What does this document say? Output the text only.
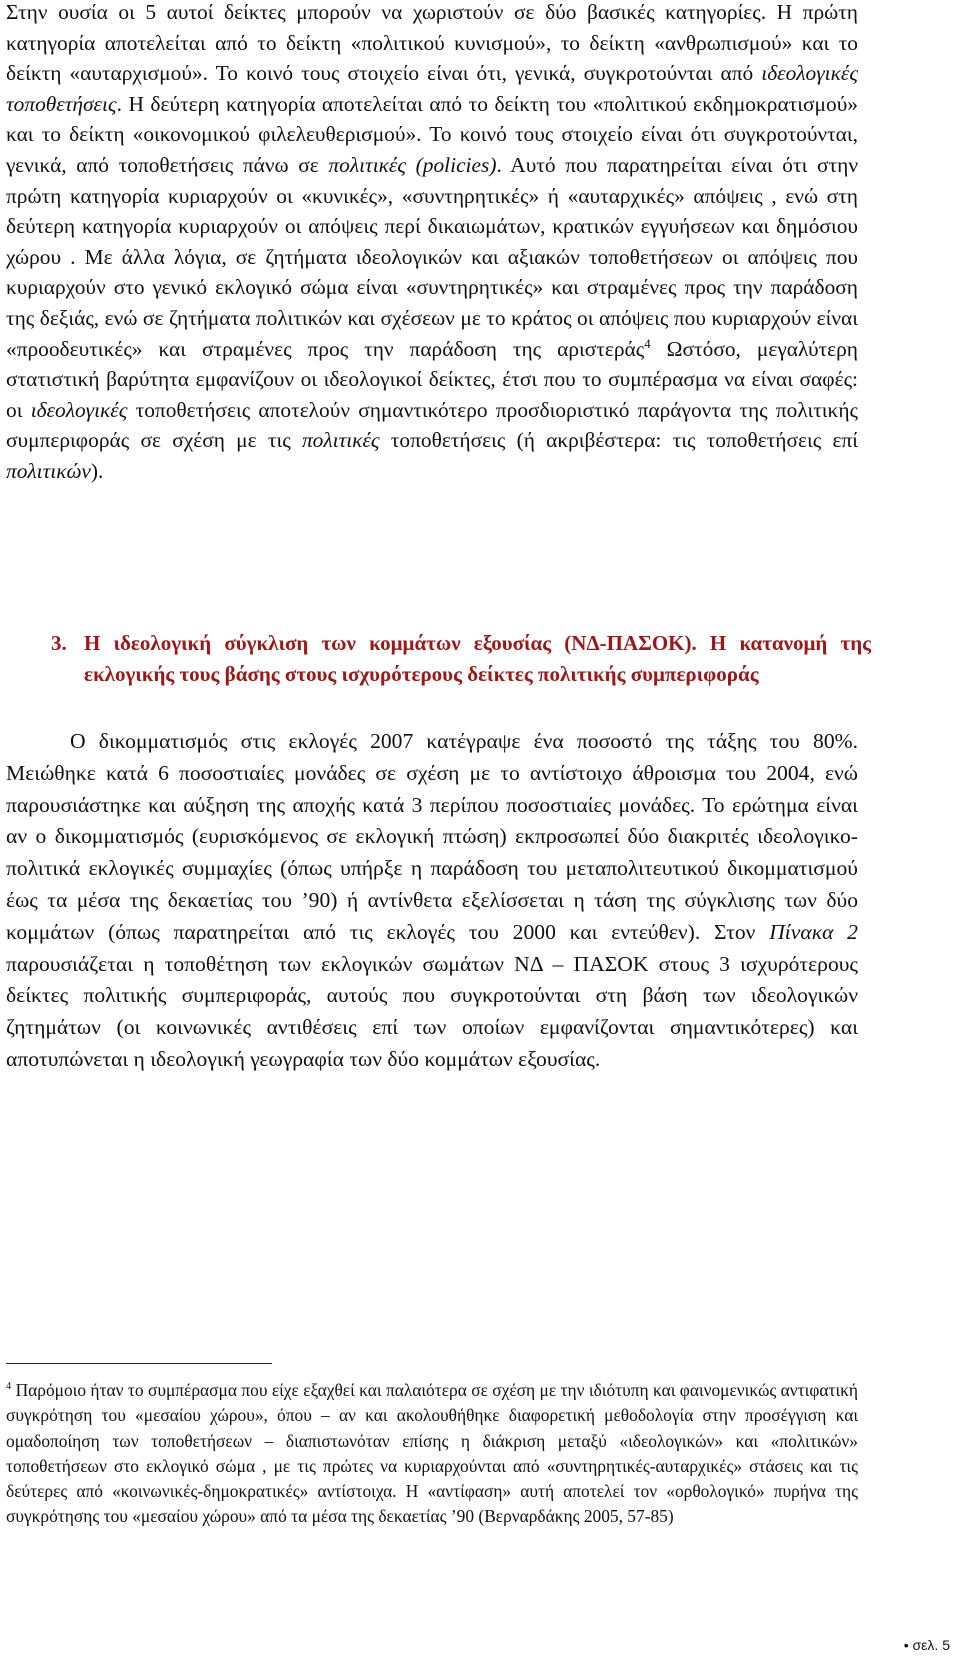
Στην ουσία οι 5 αυτοί δείκτες μπορούν να χωριστούν σε δύο βασικές κατηγορίες. Η πρώτη κατηγορία αποτελείται από το δείκτη «πολιτικού κυνισμού», το δείκτη «ανθρωπισμού» και το δείκτη «αυταρχισμού». Το κοινό τους στοιχείο είναι ότι, γενικά, συγκροτούνται από ιδεολογικές τοποθετήσεις. Η δεύτερη κατηγορία αποτελείται από το δείκτη του «πολιτικού εκδημοκρατισμού» και το δείκτη «οικονομικού φιλελευθερισμού». Το κοινό τους στοιχείο είναι ότι συγκροτούνται, γενικά, από τοποθετήσεις πάνω σε πολιτικές (policies). Αυτό που παρατηρείται είναι ότι στην πρώτη κατηγορία κυριαρχούν οι «κυνικές», «συντηρητικές» ή «αυταρχικές» απόψεις , ενώ στη δεύτερη κατηγορία κυριαρχούν οι απόψεις περί δικαιωμάτων, κρατικών εγγυήσεων και δημόσιου χώρου . Με άλλα λόγια, σε ζητήματα ιδεολογικών και αξιακών τοποθετήσεων οι απόψεις που κυριαρχούν στο γενικό εκλογικό σώμα είναι «συντηρητικές» και στραμένες προς την παράδοση της δεξιάς, ενώ σε ζητήματα πολιτικών και σχέσεων με το κράτος οι απόψεις που κυριαρχούν είναι «προοδευτικές» και στραμένες προς την παράδοση της αριστεράς$^4$ Ωστόσο, μεγαλύτερη στατιστική βαρύτητα εμφανίζουν οι ιδεολογικοί δείκτες, έτσι που το συμπέρασμα να είναι σαφές: οι ιδεολογικές τοποθετήσεις αποτελούν σημαντικότερο προσδιοριστικό παράγοντα της πολιτικής συμπεριφοράς σε σχέση με τις πολιτικές τοποθετήσεις (ή ακριβέστερα: τις τοποθετήσεις επί πολιτικών).

3. Η ιδεολογική σύγκλιση των κομμάτων εξουσίας (ΝΔ-ΠΑΣΟΚ). Η κατανομή της εκλογικής τους βάσης στους ισχυρότερους δείκτες πολιτικής συμπεριφοράς

Ο δικομματισμός στις εκλογές 2007 κατέγραψε ένα ποσοστό της τάξης του 80%. Μειώθηκε κατά 6 ποσοστιαίες μονάδες σε σχέση με το αντίστοιχο άθροισμα του 2004, ενώ παρουσιάστηκε και αύξηση της αποχής κατά 3 περίπου ποσοστιαίες μονάδες. Το ερώτημα είναι αν ο δικομματισμός (ευρισκόμενος σε εκλογική πτώση) εκπροσωπεί δύο διακριτές ιδεολογικο-πολιτικά εκλογικές συμμαχίες (όπως υπήρξε η παράδοση του μεταπολιτευτικού δικομματισμού έως τα μέσα της δεκαετίας του ’90) ή αντίνθετα εξελίσσεται η τάση της σύγκλισης των δύο κομμάτων (όπως παρατηρείται από τις εκλογές του 2000 και εντεύθεν). Στον Πίνακα 2 παρουσιάζεται η τοποθέτηση των εκλογικών σωμάτων ΝΔ – ΠΑΣΟΚ στους 3 ισχυρότερους δείκτες πολιτικής συμπεριφοράς, αυτούς που συγκροτούνται στη βάση των ιδεολογικών ζητημάτων (οι κοινωνικές αντιθέσεις επί των οποίων εμφανίζονται σημαντικότερες) και αποτυπώνεται η ιδεολογική γεωγραφία των δύο κομμάτων εξουσίας.

$^4$ Παρόμοιο ήταν το συμπέρασμα που είχε εξαχθεί και παλαιότερα σε σχέση με την ιδιότυπη και φαινομενικώς αντιφατική συγκρότηση του «μεσαίου χώρου», όπου – αν και ακολουθήθηκε διαφορετική μεθοδολογία στην προσέγγιση και ομαδοποίηση των τοποθετήσεων – διαπιστωνόταν επίσης η διάκριση μεταξύ «ιδεολογικών» και «πολιτικών» τοποθετήσεων στο εκλογικό σώμα , με τις πρώτες να κυριαρχούνται από «συντηρητικές-αυταρχικές» στάσεις και τις δεύτερες από «κοινωνικές-δημοκρατικές» αντίστοιχα. Η «αντίφαση» αυτή αποτελεί τον «ορθολογικό» πυρήνα της συγκρότησης του «μεσαίου χώρου» από τα μέσα της δεκαετίας ’90 (Βερναρδάκης 2005, 57-85)

• σελ. 5
